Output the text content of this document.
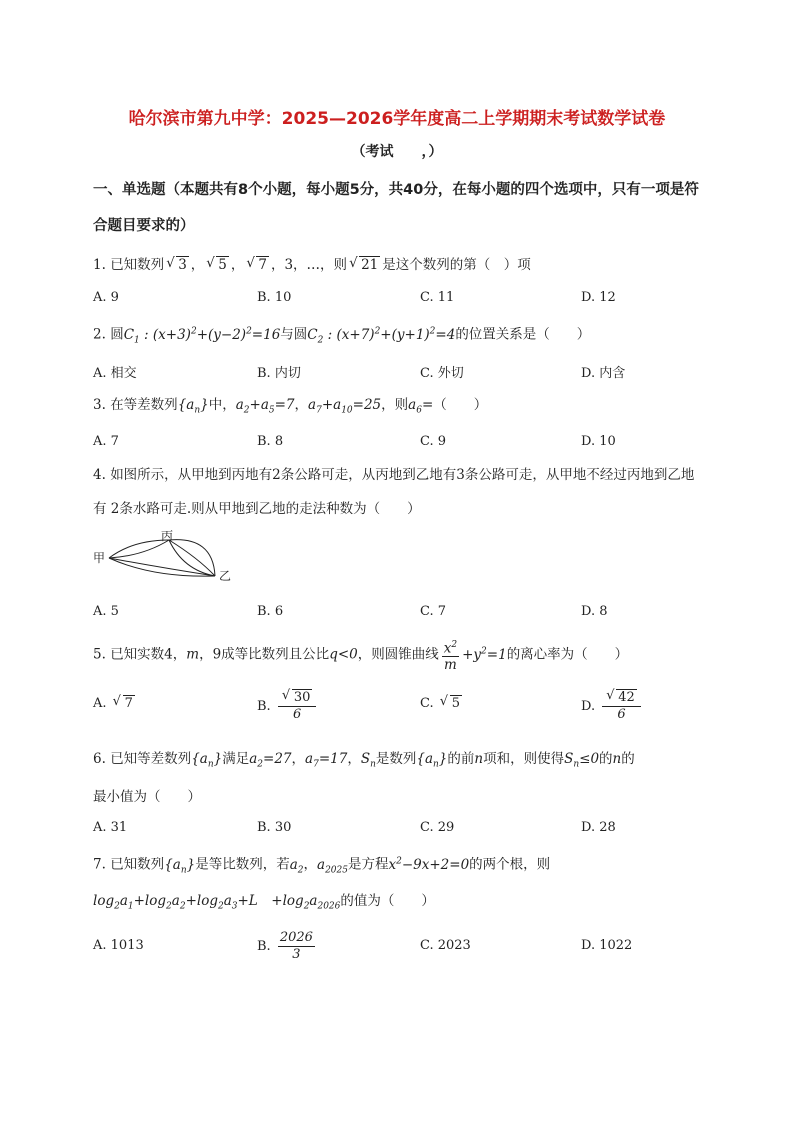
哈尔滨市第九中学：2025—2026学年度高二上学期期末考试数学试卷
（考试　　，）
一、单选题（本题共有8个小题，每小题5分，共40分，在每小题的四个选项中，只有一项是符合题目要求的）
1. 已知数列 √ 3 ， √ 5 ， √ 7 ，3，…，则 √ 21 是这个数列的第（　）项
A. 9	B. 10	C. 11	D. 12
2. 圆$C_1$ : $(x+3)^2+(y-2)^2=16$与圆$C_2$ : $(x+7)^2+(y+1)^2=4$的位置关系是（　　）
A. 相交	B. 内切	C. 外切	D. 内含
3. 在等差数列$\{a_n\}$中，$a_2+a_5=7$，$a_7+a_{10}=25$，则$a_6=$（　　）
A. 7	B. 8	C. 9	D. 10
4. 如图所示，从甲地到丙地有2条公路可走，从丙地到乙地有3条公路可走，从甲地不经过丙地到乙地有 2条水路可走.则从甲地到乙地的走法种数为（　　）
甲
丙
乙
A. 5	B. 6	C. 7	D. 8
5. 已知实数4，m，9成等比数列且公比q<0，则圆锥曲线 $\frac{x^2}{m} +y^2=1$的离心率为（　　）
A. √ 7	B. √ $\frac{30}{6}$	C. √ 5	D. √ $\frac{42}{6}$
6. 已知等差数列$\{a_n\}$满足$a_2=27$，$a_7=17$，$S_n$是数列$\{a_n\}$的前n项和，则使得$S_n\le 0$的n的
最小值为（　　）
A. 31	B. 30	C. 29	D. 28
7. 已知数列$\{a_n\}$是等比数列，若$a_2$，$a_{2025}$是方程$x^2-9x+2=0$的两个根，则
$\log_2a_1+\log_2a_2+\log_2a_3+L$　$+\log_2a_{2026}$的值为（　　）
A. 1013	B. $\frac{2026}{3}$	C. 2023	D. 1022
